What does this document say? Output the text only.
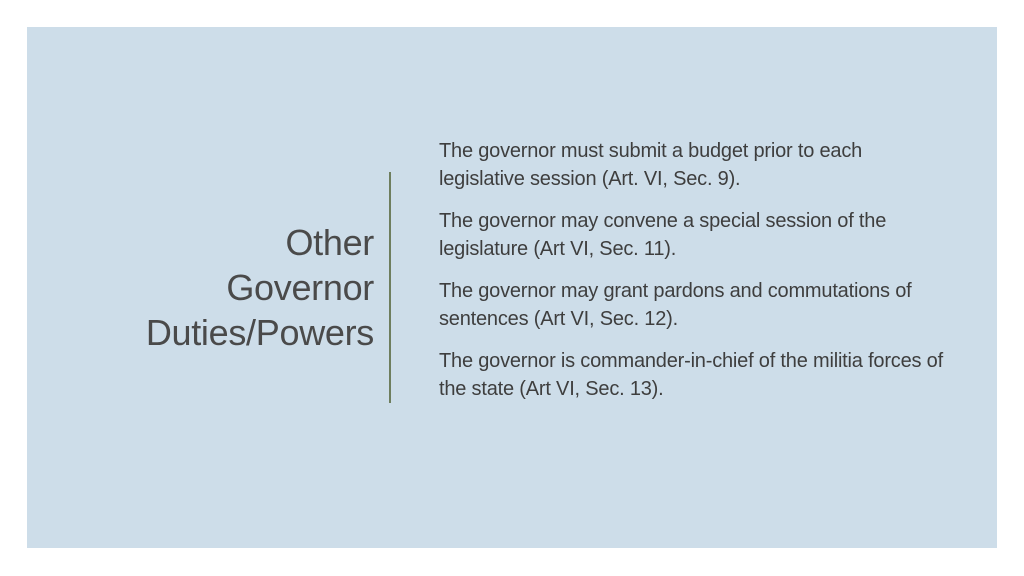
Other
Governor
Duties/Powers
The governor must submit a budget prior to each legislative session (Art. VI, Sec. 9).
The governor may convene a special session of the legislature (Art VI, Sec. 11).
The governor may grant pardons and commutations of sentences (Art VI, Sec. 12).
The governor is commander-in-chief of the militia forces of the state (Art VI, Sec. 13).
